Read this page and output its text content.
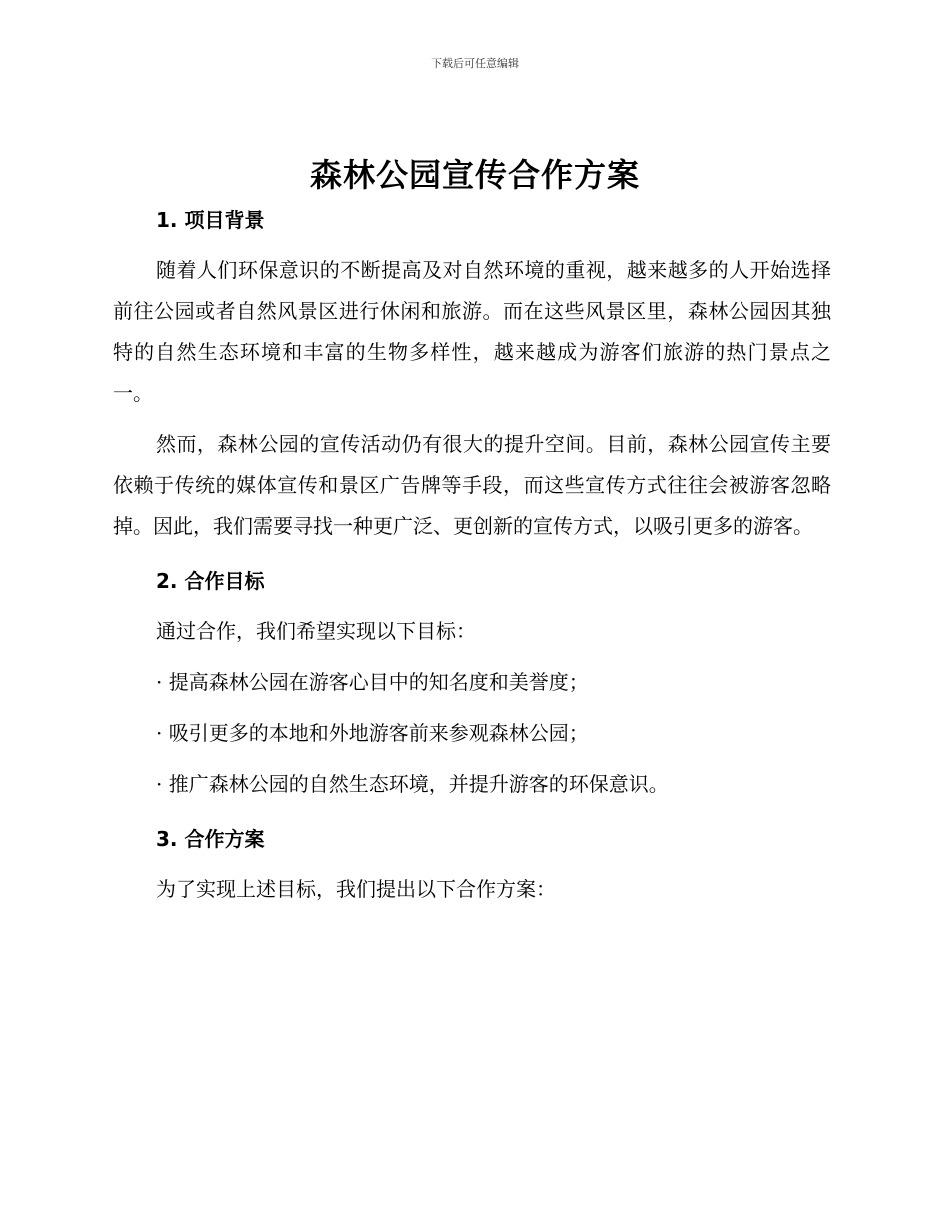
下载后可任意编辑
森林公园宣传合作方案
1. 项目背景

随着人们环保意识的不断提高及对自然环境的重视，越来越多的人开始选择前往公园或者自然风景区进行休闲和旅游。而在这些风景区里，森林公园因其独特的自然生态环境和丰富的生物多样性，越来越成为游客们旅游的热门景点之一。

然而，森林公园的宣传活动仍有很大的提升空间。目前，森林公园宣传主要依赖于传统的媒体宣传和景区广告牌等手段，而这些宣传方式往往会被游客忽略掉。因此，我们需要寻找一种更广泛、更创新的宣传方式，以吸引更多的游客。

2. 合作目标

通过合作，我们希望实现以下目标：

· 提高森林公园在游客心目中的知名度和美誉度；

· 吸引更多的本地和外地游客前来参观森林公园；

· 推广森林公园的自然生态环境，并提升游客的环保意识。

3. 合作方案

为了实现上述目标，我们提出以下合作方案：
